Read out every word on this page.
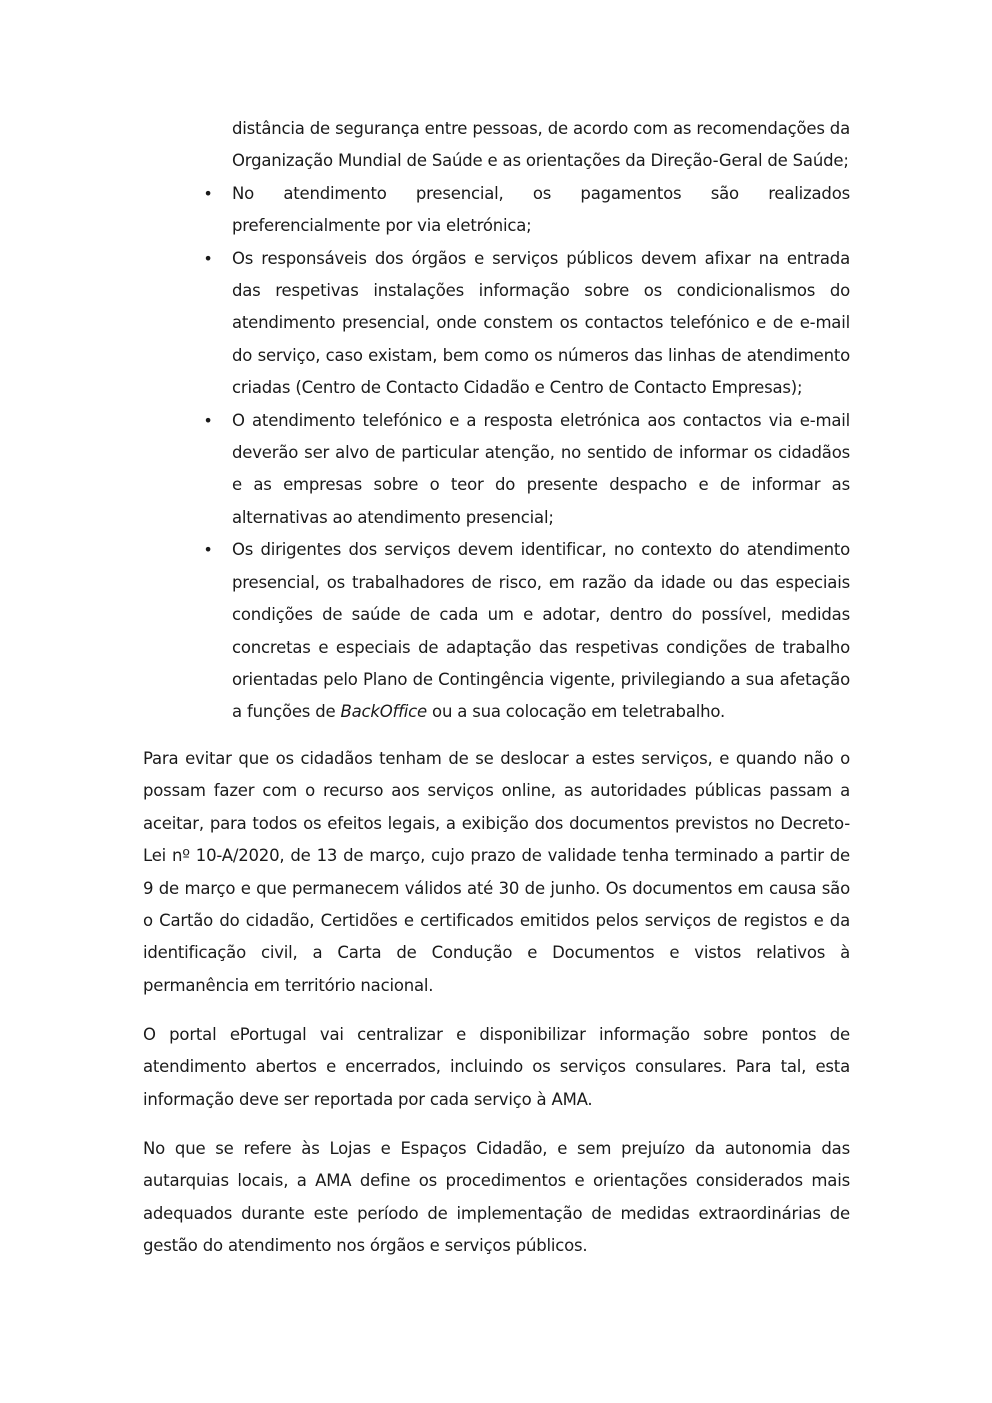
distância de segurança entre pessoas, de acordo com as recomendações da Organização Mundial de Saúde e as orientações da Direção-Geral de Saúde;
• No atendimento presencial, os pagamentos são realizados preferencialmente por via eletrónica;
• Os responsáveis dos órgãos e serviços públicos devem afixar na entrada das respetivas instalações informação sobre os condicionalismos do atendimento presencial, onde constem os contactos telefónico e de e-mail do serviço, caso existam, bem como os números das linhas de atendimento criadas (Centro de Contacto Cidadão e Centro de Contacto Empresas);
• O atendimento telefónico e a resposta eletrónica aos contactos via e-mail deverão ser alvo de particular atenção, no sentido de informar os cidadãos e as empresas sobre o teor do presente despacho e de informar as alternativas ao atendimento presencial;
• Os dirigentes dos serviços devem identificar, no contexto do atendimento presencial, os trabalhadores de risco, em razão da idade ou das especiais condições de saúde de cada um e adotar, dentro do possível, medidas concretas e especiais de adaptação das respetivas condições de trabalho orientadas pelo Plano de Contingência vigente, privilegiando a sua afetação a funções de BackOffice ou a sua colocação em teletrabalho.
Para evitar que os cidadãos tenham de se deslocar a estes serviços, e quando não o possam fazer com o recurso aos serviços online, as autoridades públicas passam a aceitar, para todos os efeitos legais, a exibição dos documentos previstos no Decreto-Lei nº 10-A/2020, de 13 de março, cujo prazo de validade tenha terminado a partir de 9 de março e que permanecem válidos até 30 de junho. Os documentos em causa são o Cartão do cidadão, Certidões e certificados emitidos pelos serviços de registos e da identificação civil, a Carta de Condução e Documentos e vistos relativos à permanência em território nacional.
O portal ePortugal vai centralizar e disponibilizar informação sobre pontos de atendimento abertos e encerrados, incluindo os serviços consulares. Para tal, esta informação deve ser reportada por cada serviço à AMA.
No que se refere às Lojas e Espaços Cidadão, e sem prejuízo da autonomia das autarquias locais, a AMA define os procedimentos e orientações considerados mais adequados durante este período de implementação de medidas extraordinárias de gestão do atendimento nos órgãos e serviços públicos.
